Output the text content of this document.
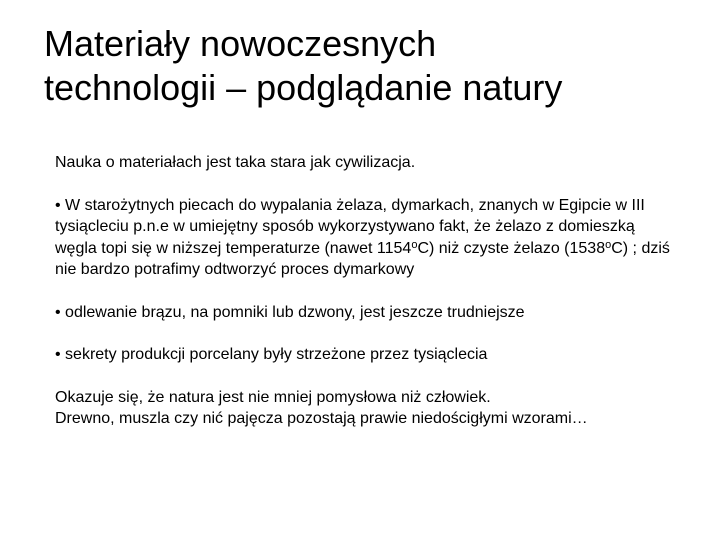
Materiały nowoczesnych
technologii – podglądanie natury

Nauka o materiałach jest taka stara jak cywilizacja.

• W starożytnych piecach do wypalania żelaza, dymarkach, znanych w Egipcie w III tysiącleciu p.n.e w umiejętny sposób wykorzystywano fakt, że żelazo z domieszką węgla topi się w niższej temperaturze (nawet 1154$^o$C) niż czyste żelazo (1538$^o$C) ; dziś nie bardzo potrafimy odtworzyć proces dymarkowy

• odlewanie brązu, na pomniki lub dzwony, jest jeszcze trudniejsze

• sekrety produkcji porcelany były strzeżone przez tysiąclecia

Okazuje się, że natura jest nie mniej pomysłowa niż człowiek.

Drewno, muszla czy nić pajęcza pozostają prawie niedościgłymi wzorami…
